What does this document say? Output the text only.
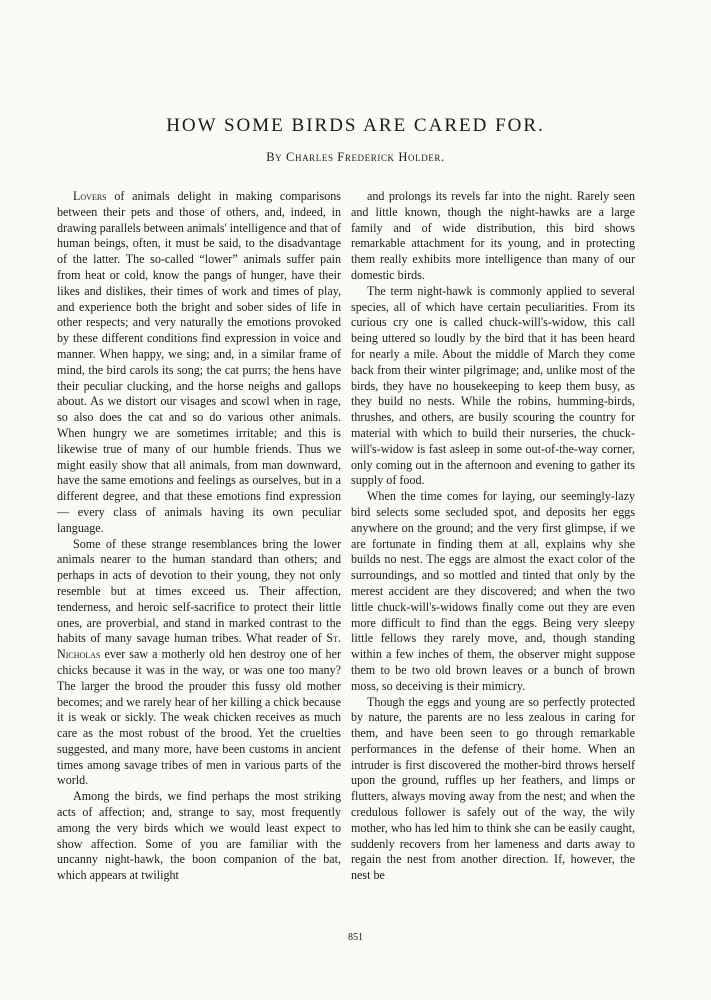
HOW SOME BIRDS ARE CARED FOR.
By Charles Frederick Holder.

Lovers of animals delight in making comparisons between their pets and those of others, and, indeed, in drawing parallels between animals' intelligence and that of human beings, often, it must be said, to the disadvantage of the latter. The so-called “lower” animals suffer pain from heat or cold, know the pangs of hunger, have their likes and dislikes, their times of work and times of play, and experience both the bright and sober sides of life in other respects; and very naturally the emotions provoked by these different conditions find expression in voice and manner. When happy, we sing; and, in a similar frame of mind, the bird carols its song; the cat purrs; the hens have their peculiar clucking, and the horse neighs and gallops about. As we distort our visages and scowl when in rage, so also does the cat and so do various other animals. When hungry we are sometimes irritable; and this is likewise true of many of our humble friends. Thus we might easily show that all animals, from man downward, have the same emotions and feelings as ourselves, but in a different degree, and that these emotions find expression — every class of animals having its own peculiar language.

Some of these strange resemblances bring the lower animals nearer to the human standard than others; and perhaps in acts of devotion to their young, they not only resemble but at times exceed us. Their affection, tenderness, and heroic self-sacrifice to protect their little ones, are proverbial, and stand in marked contrast to the habits of many savage human tribes. What reader of St. Nicholas ever saw a motherly old hen destroy one of her chicks because it was in the way, or was one too many? The larger the brood the prouder this fussy old mother becomes; and we rarely hear of her killing a chick because it is weak or sickly. The weak chicken receives as much care as the most robust of the brood. Yet the cruelties suggested, and many more, have been customs in ancient times among savage tribes of men in various parts of the world.

Among the birds, we find perhaps the most striking acts of affection; and, strange to say, most frequently among the very birds which we would least expect to show affection. Some of you are familiar with the uncanny night-hawk, the boon companion of the bat, which appears at twilight

and prolongs its revels far into the night. Rarely seen and little known, though the night-hawks are a large family and of wide distribution, this bird shows remarkable attachment for its young, and in protecting them really exhibits more intelligence than many of our domestic birds.

The term night-hawk is commonly applied to several species, all of which have certain peculiarities. From its curious cry one is called chuck-will's-widow, this call being uttered so loudly by the bird that it has been heard for nearly a mile. About the middle of March they come back from their winter pilgrimage; and, unlike most of the birds, they have no housekeeping to keep them busy, as they build no nests. While the robins, humming-birds, thrushes, and others, are busily scouring the country for material with which to build their nurseries, the chuck-will's-widow is fast asleep in some out-of-the-way corner, only coming out in the afternoon and evening to gather its supply of food.

When the time comes for laying, our seemingly-lazy bird selects some secluded spot, and deposits her eggs anywhere on the ground; and the very first glimpse, if we are fortunate in finding them at all, explains why she builds no nest. The eggs are almost the exact color of the surroundings, and so mottled and tinted that only by the merest accident are they discovered; and when the two little chuck-will's-widows finally come out they are even more difficult to find than the eggs. Being very sleepy little fellows they rarely move, and, though standing within a few inches of them, the observer might suppose them to be two old brown leaves or a bunch of brown moss, so deceiving is their mimicry.

Though the eggs and young are so perfectly protected by nature, the parents are no less zealous in caring for them, and have been seen to go through remarkable performances in the defense of their home. When an intruder is first discovered the mother-bird throws herself upon the ground, ruffles up her feathers, and limps or flutters, always moving away from the nest; and when the credulous follower is safely out of the way, the wily mother, who has led him to think she can be easily caught, suddenly recovers from her lameness and darts away to regain the nest from another direction. If, however, the nest be

851
